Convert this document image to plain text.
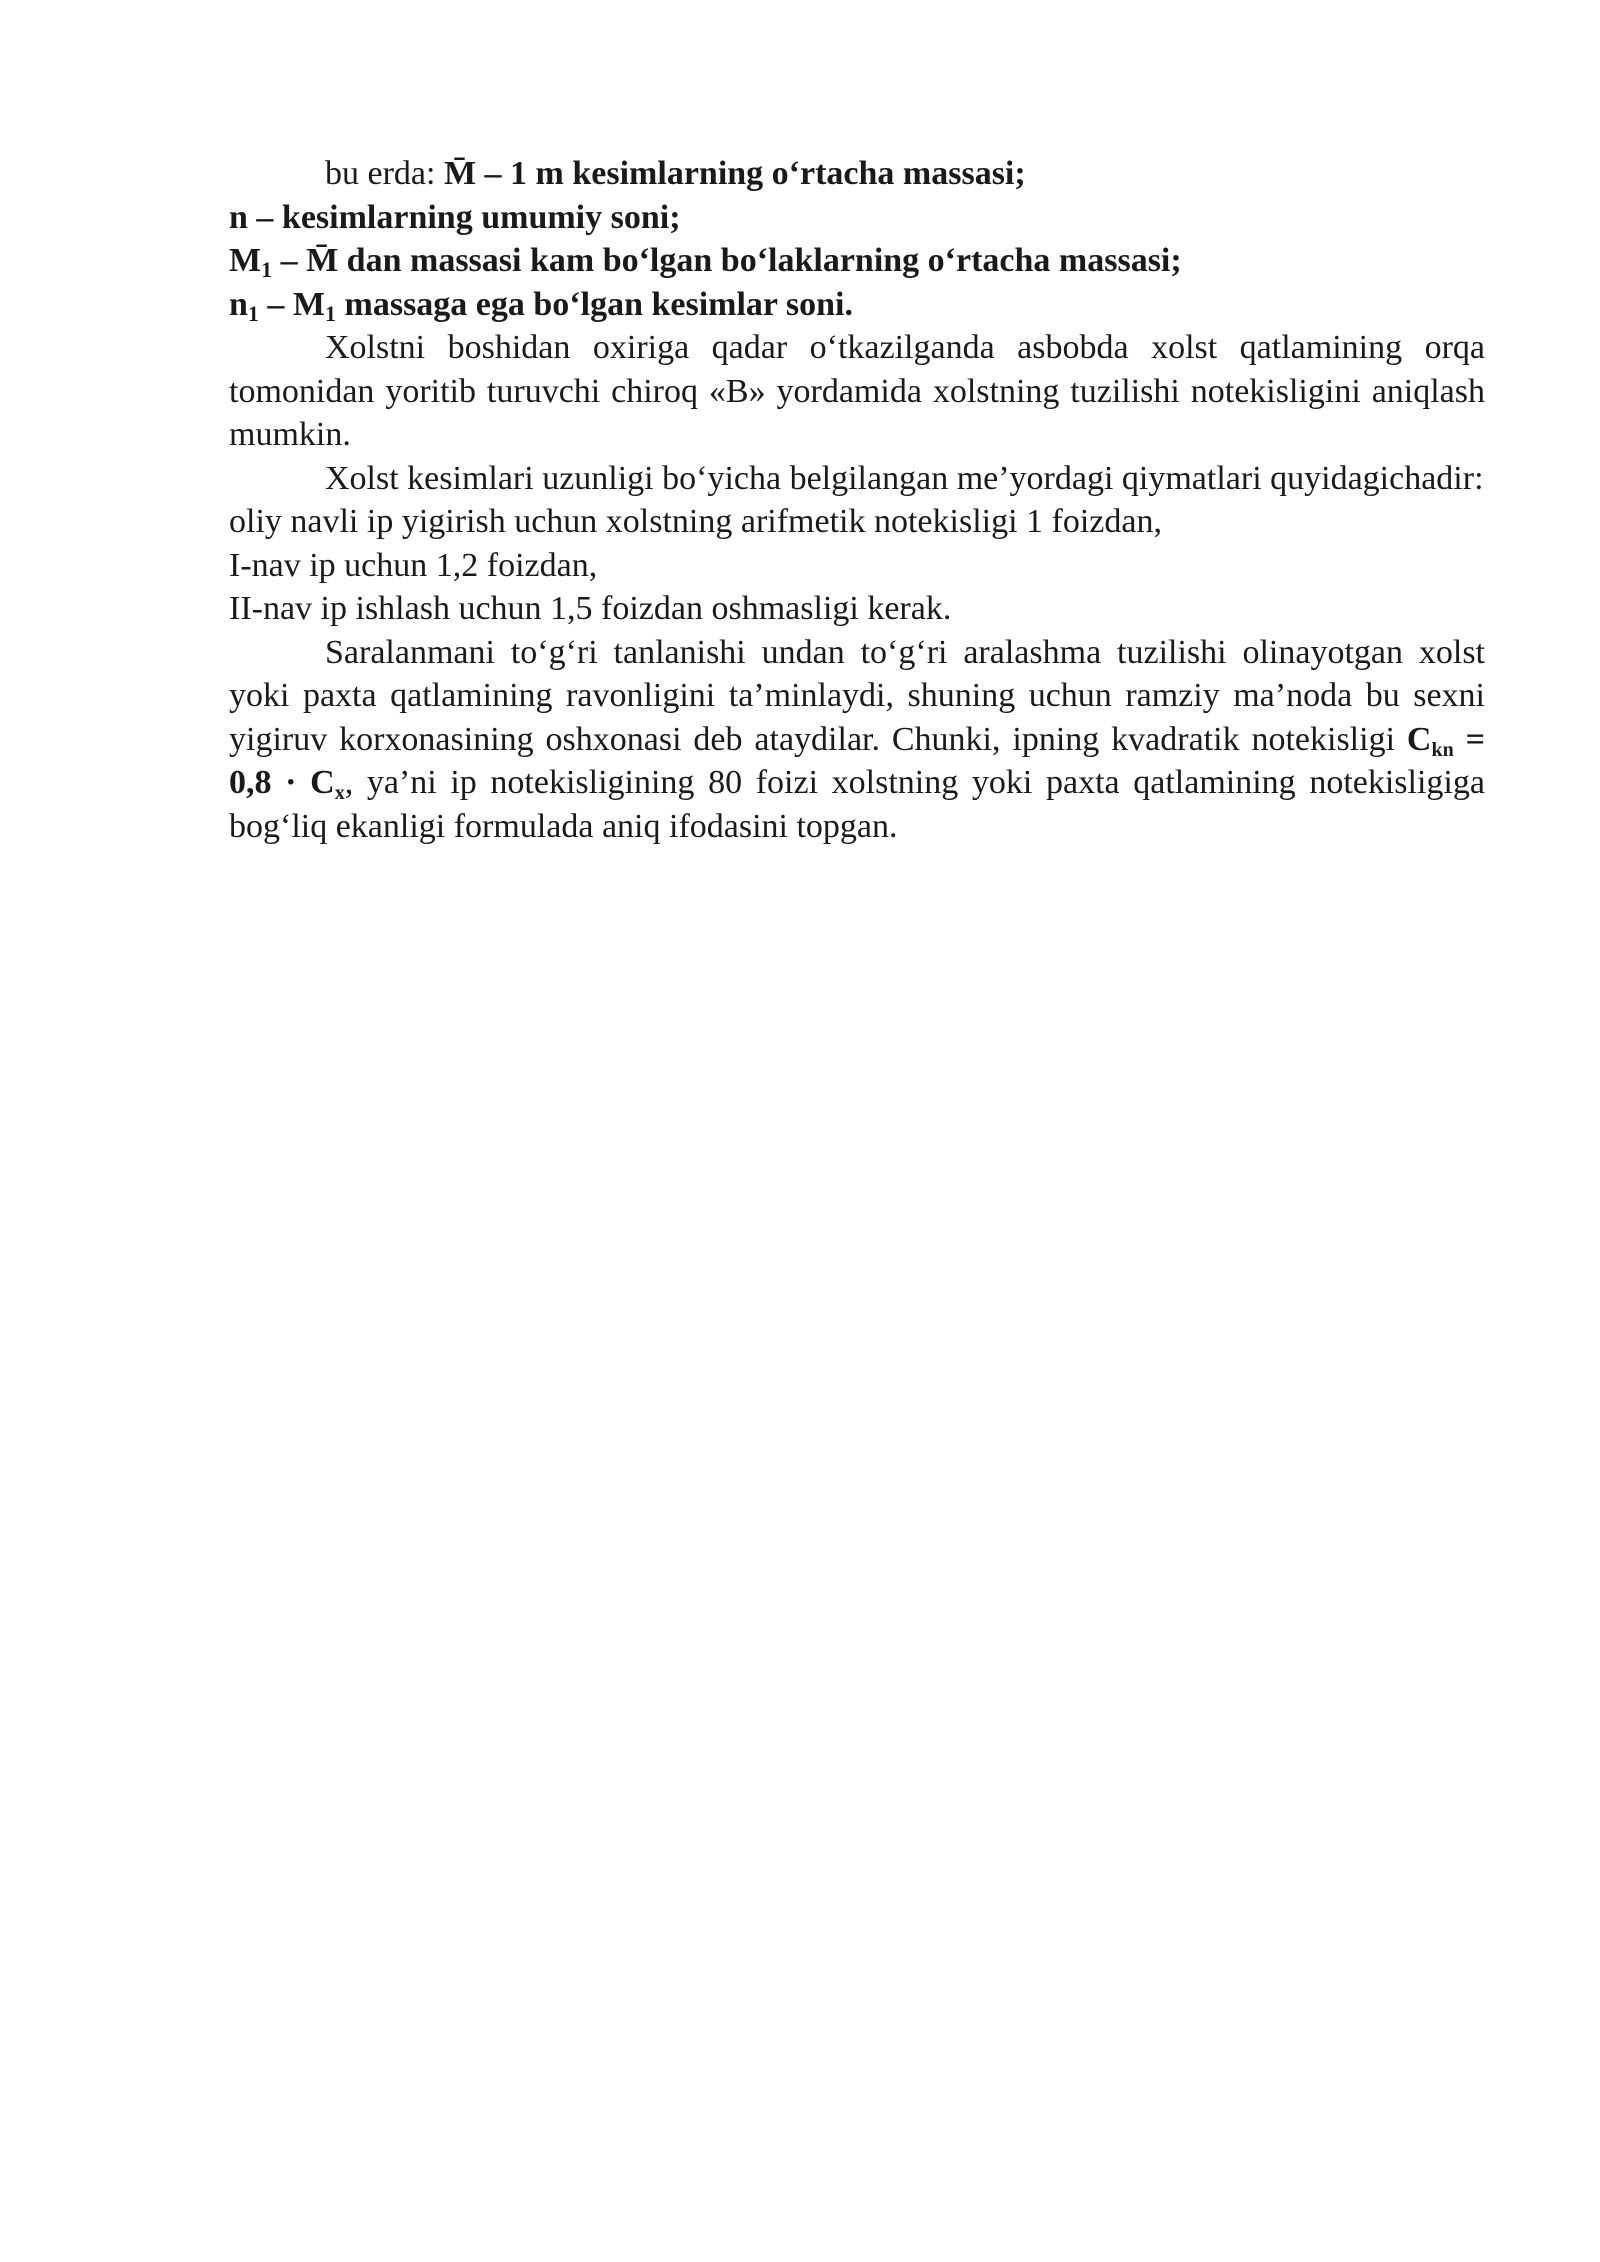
bu erda: M̄ – 1 m kesimlarning o‘rtacha massasi;

n – kesimlarning umumiy soni;

$M_1$ – M̄ dan massasi kam bo‘lgan bo‘laklarning o‘rtacha massasi;

$n_1 - M_1$ massaga ega bo‘lgan kesimlar soni.

Xolstni boshidan oxiriga qadar o‘tkazilganda asbobda xolst qatlamining orqa tomonidan yoritib turuvchi chiroq «B» yordamida xolstning tuzilishi notekisligini aniqlash mumkin.

Xolst kesimlari uzunligi bo‘yicha belgilangan me’yordagi qiymatlari quyidagichadir:

oliy navli ip yigirish uchun xolstning arifmetik notekisligi 1 foizdan,

I-nav ip uchun 1,2 foizdan,

II-nav ip ishlash uchun 1,5 foizdan oshmasligi kerak.

Saralanmani to‘g‘ri tanlanishi undan to‘g‘ri aralashma tuzilishi olinayotgan xolst yoki paxta qatlamining ravonligini ta’minlaydi, shuning uchun ramziy ma’noda bu sexni yigiruv korxonasining oshxonasi deb ataydilar. Chunki, ipning kvadratik notekisligi $C_{kn} = 0,8 \cdot C_x$, ya’ni ip notekisligining 80 foizi xolstning yoki paxta qatlamining notekisligiga bog‘liq ekanligi formulada aniq ifodasini topgan.
